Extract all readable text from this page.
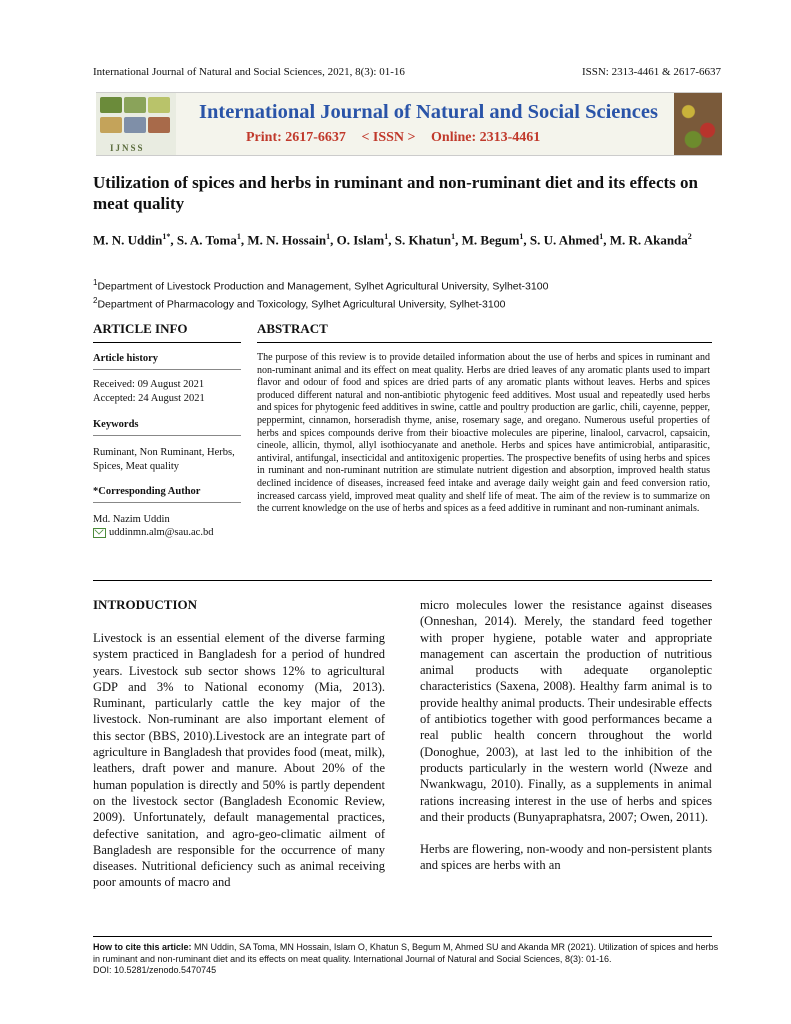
International Journal of Natural and Social Sciences, 2021, 8(3): 01-16	ISSN: 2313-4461 & 2617-6637
IJNSS
International Journal of Natural and Social Sciences
Print: 2617-6637 < ISSN > Online: 2313-4461
Utilization of spices and herbs in ruminant and non-ruminant diet and its effects on meat quality
M. N. Uddin$^{1*}$, S. A. Toma$^1$, M. N. Hossain$^1$, O. Islam$^1$, S. Khatun$^1$, M. Begum$^1$, S. U. Ahmed$^1$, M. R. Akanda$^2$
$^1$Department of Livestock Production and Management, Sylhet Agricultural University, Sylhet-3100
$^2$Department of Pharmacology and Toxicology, Sylhet Agricultural University, Sylhet-3100
ARTICLE INFO	ABSTRACT
Article history
Received: 09 August 2021
Accepted: 24 August 2021
Keywords
Ruminant, Non Ruminant, Herbs, Spices, Meat quality
*Corresponding Author
Md. Nazim Uddin
uddinmn.alm@sau.ac.bd
The purpose of this review is to provide detailed information about the use of herbs and spices in ruminant and non-ruminant animal and its effect on meat quality. Herbs are dried leaves of any aromatic plants used to impart flavor and odour of food and spices are dried parts of any aromatic plants without leaves. Herbs and spices produced different natural and non-antibiotic phytogenic feed additives. Most usual and repeatedly used herbs and spices for phytogenic feed additives in swine, cattle and poultry production are garlic, chili, cayenne, pepper, peppermint, cinnamon, horseradish thyme, anise, rosemary sage, and oregano. Numerous useful properties of herbs and spices compounds derive from their bioactive molecules are piperine, linalool, carvacrol, capsaicin, cineole, allicin, thymol, allyl isothiocyanate and anethole. Herbs and spices have antimicrobial, antiparasitic, antiviral, antifungal, insecticidal and antitoxigenic properties. The prospective benefits of using herbs and spices in ruminant and non-ruminant nutrition are stimulate nutrient digestion and absorption, improved health status declined incidence of diseases, increased feed intake and average daily weight gain and feed conversion ratio, increased carcass yield, improved meat quality and shelf life of meat. The aim of the review is to summarize on the current knowledge on the use of herbs and spices as a feed additive in ruminant and non-ruminant animals.
INTRODUCTION
Livestock is an essential element of the diverse farming system practiced in Bangladesh for a period of hundred years. Livestock sub sector shows 12% to agricultural GDP and 3% to National economy (Mia, 2013). Ruminant, particularly cattle the key major of the livestock. Non-ruminant are also important element of this sector (BBS, 2010).Livestock are an integrate part of agriculture in Bangladesh that provides food (meat, milk), leathers, draft power and manure. About 20% of the human population is directly and 50% is partly dependent on the livestock sector (Bangladesh Economic Review, 2009). Unfortunately, default managemental practices, defective sanitation, and agro-geo-climatic ailment of Bangladesh are responsible for the occurrence of many diseases. Nutritional deficiency such as animal receiving poor amounts of macro and
micro molecules lower the resistance against diseases (Onneshan, 2014). Merely, the standard feed together with proper hygiene, potable water and appropriate management can ascertain the production of nutritious animal products with adequate organoleptic characteristics (Saxena, 2008). Healthy farm animal is to provide healthy animal products. Their undesirable effects of antibiotics together with good performances became a real public health concern throughout the world (Donoghue, 2003), at last led to the inhibition of the products particularly in the western world (Nweze and Nwankwagu, 2010). Finally, as a supplements in animal rations increasing interest in the use of herbs and spices and their products (Bunyapraphatsra, 2007; Owen, 2011).
Herbs are flowering, non-woody and non-persistent plants and spices are herbs with an
How to cite this article: MN Uddin, SA Toma, MN Hossain, Islam O, Khatun S, Begum M, Ahmed SU and Akanda MR (2021). Utilization of spices and herbs in ruminant and non-ruminant diet and its effects on meat quality. International Journal of Natural and Social Sciences, 8(3): 01-16.
DOI: 10.5281/zenodo.5470745
